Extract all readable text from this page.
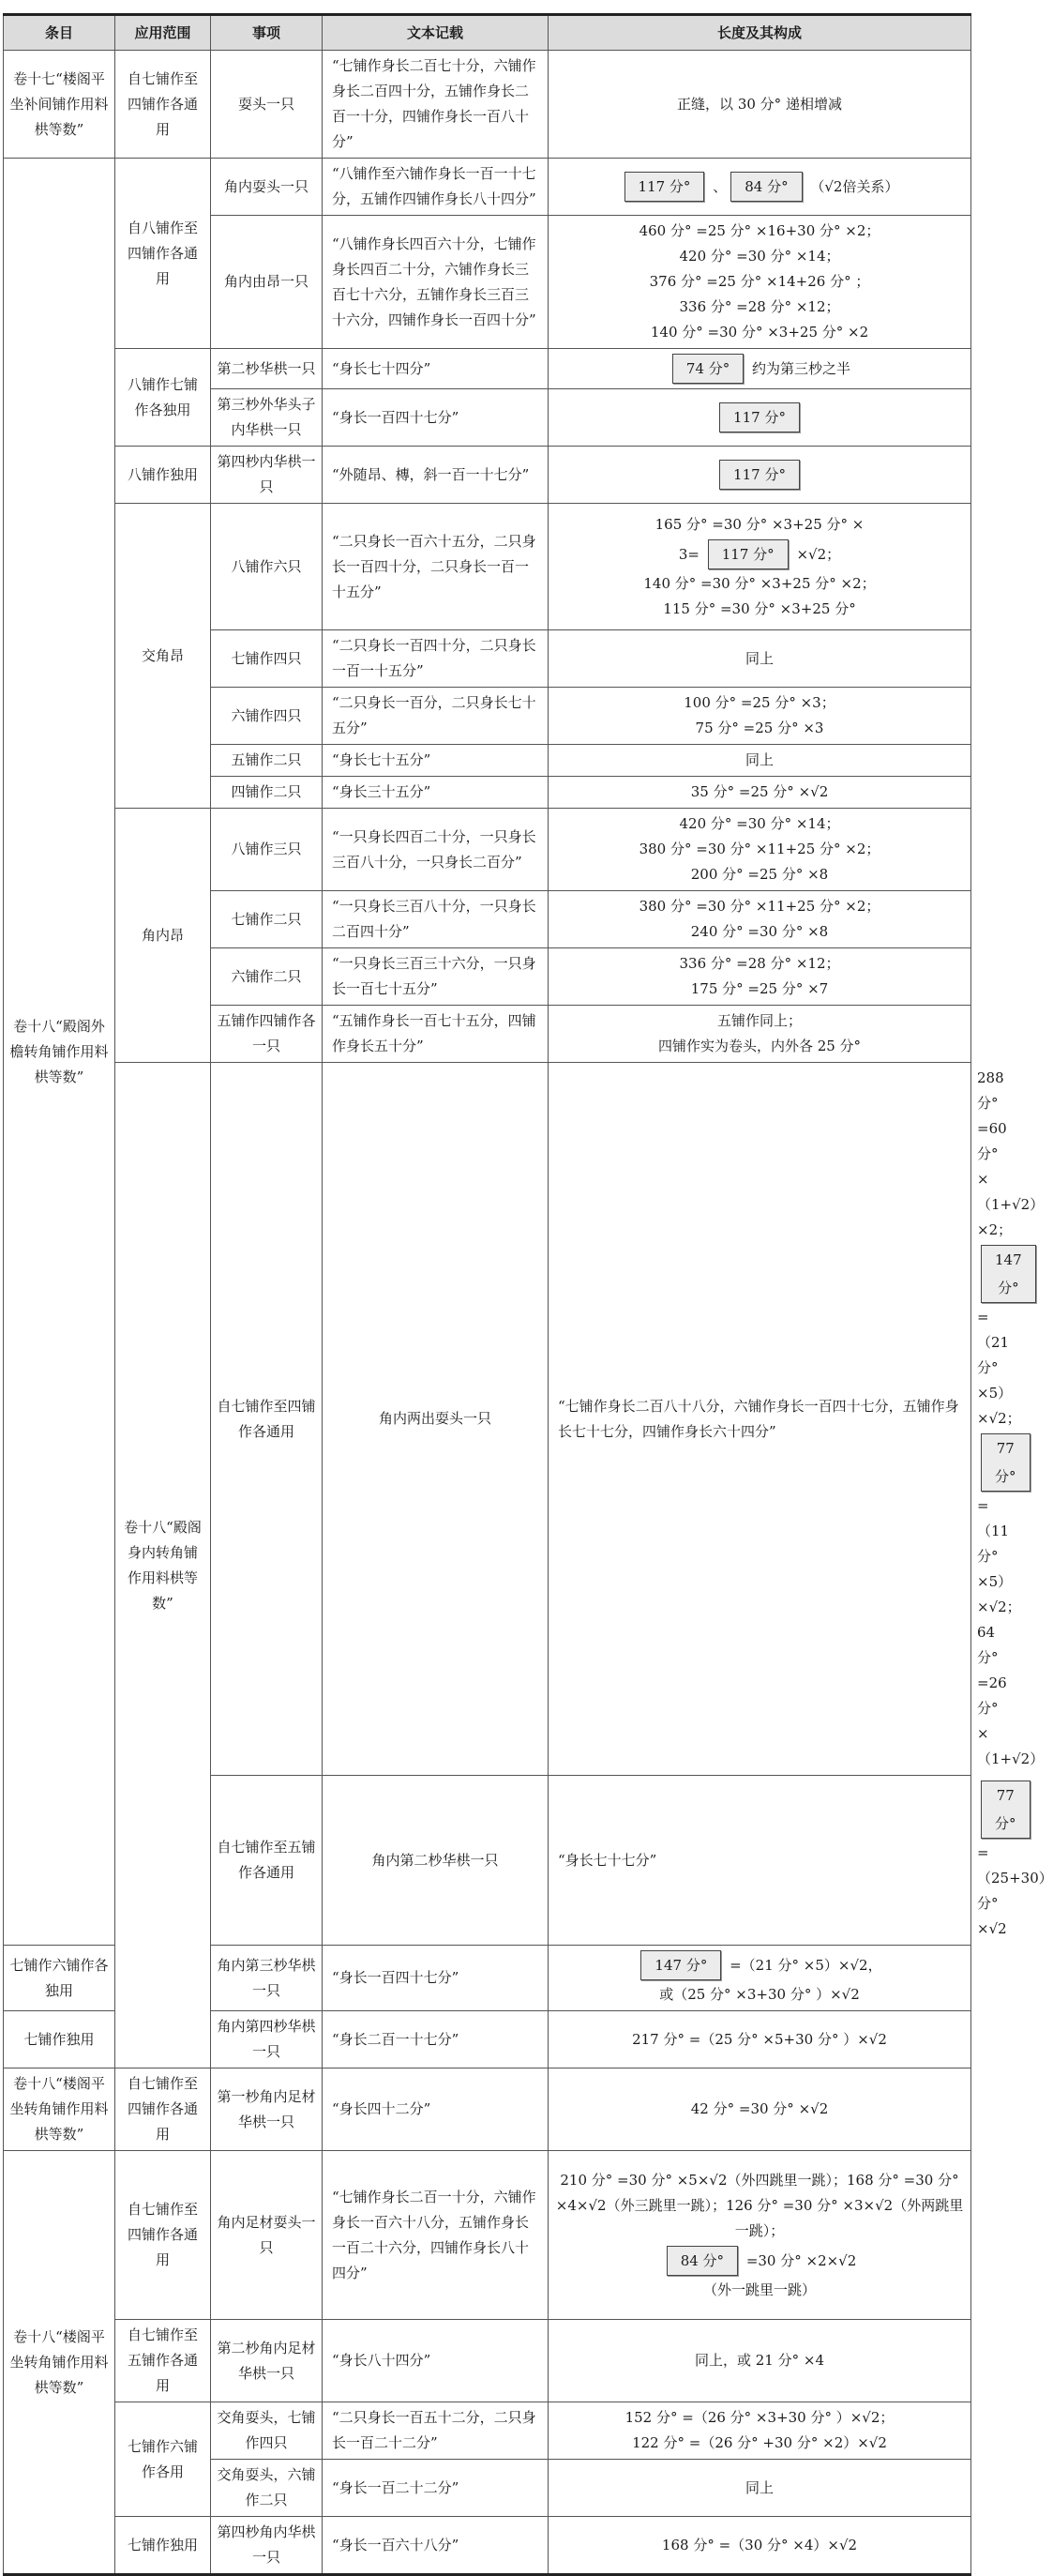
条目	应用范围	事项	文本记载	长度及其构成	
卷十七“楼阁平坐补间铺作用料栱等数”	自七铺作至四铺作各通用	耍头一只	“七铺作身长二百七十分，六铺作身长二百四十分，五铺作身长二百一十分，四铺作身长一百八十分”	正缝，以 30 分° 递相增减	
卷十八“殿阁外檐转角铺作用料栱等数”	自八铺作至四铺作各通用	角内耍头一只	“八铺作至六铺作身长一百一十七分，五铺作四铺作身长八十四分”	117 分° 、 84 分° （√2倍关系）	
		角内由昂一只	“八铺作身长四百六十分，七铺作身长四百二十分，六铺作身长三百七十六分，五铺作身长三百三十六分，四铺作身长一百四十分”	460 分° =25 分° ×16+30 分° ×2；
420 分° =30 分° ×14；
376 分° =25 分° ×14+26 分° ；
336 分° =28 分° ×12；
140 分° =30 分° ×3+25 分° ×2	

	八铺作七铺作各独用	第二杪华栱一只	“身长七十四分”	74 分° 约为第三杪之半	
		第三杪外华头子内华栱一只	“身长一百四十七分”	117 分°	
	八铺作独用	第四杪内华栱一只	“外随昂、槫，斜一百一十七分”	117 分°	
	交角昂	八铺作六只	“二只身长一百六十五分，二只身长一百四十分，二只身长一百一十五分”	165 分° =30 分° ×3+25 分° ×
3= 117 分° ×√2；
140 分° =30 分° ×3+25 分° ×2；
115 分° =30 分° ×3+25 分°	

		七铺作四只	“二只身长一百四十分，二只身长一百一十五分”	同上	
		六铺作四只	“二只身长一百分，二只身长七十五分”	100 分° =25 分° ×3；
75 分° =25 分° ×3	

		五铺作二只	“身长七十五分”	同上	
		四铺作二只	“身长三十五分”	35 分° =25 分° ×√2	
	角内昂	八铺作三只	“一只身长四百二十分，一只身长三百八十分，一只身长二百分”	420 分° =30 分° ×14；
380 分° =30 分° ×11+25 分° ×2；
200 分° =25 分° ×8	

		七铺作二只	“一只身长三百八十分，一只身长二百四十分”	380 分° =30 分° ×11+25 分° ×2；
240 分° =30 分° ×8	

		六铺作二只	“一只身长三百三十六分，一只身长一百七十五分”	336 分° =28 分° ×12；
175 分° =25 分° ×7	

		五铺作四铺作各一只	“五铺作身长一百七十五分，四铺作身长五十分”	五铺作同上；
四铺作实为卷头，内外各 25 分°	

	卷十八“殿阁身内转角铺作用料栱等数”	自七铺作至四铺作各通用	角内两出耍头一只	“七铺作身长二百八十八分，六铺作身长一百四十七分，五铺作身长七十七分，四铺作身长六十四分”	288 分° =60 分° ×（1+√2）×2；
147 分° =（21 分° ×5）×√2；
77 分° =（11 分° ×5）×√2；
64 分° =26 分° ×（1+√2）

		自七铺作至五铺作各通用	角内第二杪华栱一只	“身长七十七分”	77 分° =（25+30）分° ×√2

七铺作六铺作各独用		角内第三杪华栱一只	“身长一百四十七分”	147 分° =（21 分° ×5）×√2，
或（25 分° ×3+30 分° ）×√2	

七铺作独用		角内第四杪华栱一只	“身长二百一十七分”	217 分° =（25 分° ×5+30 分° ）×√2	
卷十八“楼阁平坐转角铺作用料栱等数”	自七铺作至四铺作各通用	第一杪角内足材华栱一只	“身长四十二分”	42 分° =30 分° ×√2	
卷十八“楼阁平坐转角铺作用料栱等数”	自七铺作至四铺作各通用	角内足材耍头一只	“七铺作身长二百一十分，六铺作身长一百六十八分，五铺作身长一百二十六分，四铺作身长八十四分”	210 分° =30 分° ×5×√2（外四跳里一跳）；168 分° =30 分° ×4×√2（外三跳里一跳）；126 分° =30 分° ×3×√2（外两跳里一跳）；
84 分° =30 分° ×2×√2
（外一跳里一跳）	

	自七铺作至五铺作各通用	第二杪角内足材华栱一只	“身长八十四分”	同上，或 21 分° ×4	
	七铺作六铺作各用	交角耍头，七铺作四只	“二只身长一百五十二分，二只身长一百二十二分”	152 分° =（26 分° ×3+30 分° ）×√2；
122 分° =（26 分° +30 分° ×2）×√2	

		交角耍头，六铺作二只	“身长一百二十二分”	同上	
	七铺作独用	第四杪角内华栱一只	“身长一百六十八分”	168 分° =（30 分° ×4）×√2	
